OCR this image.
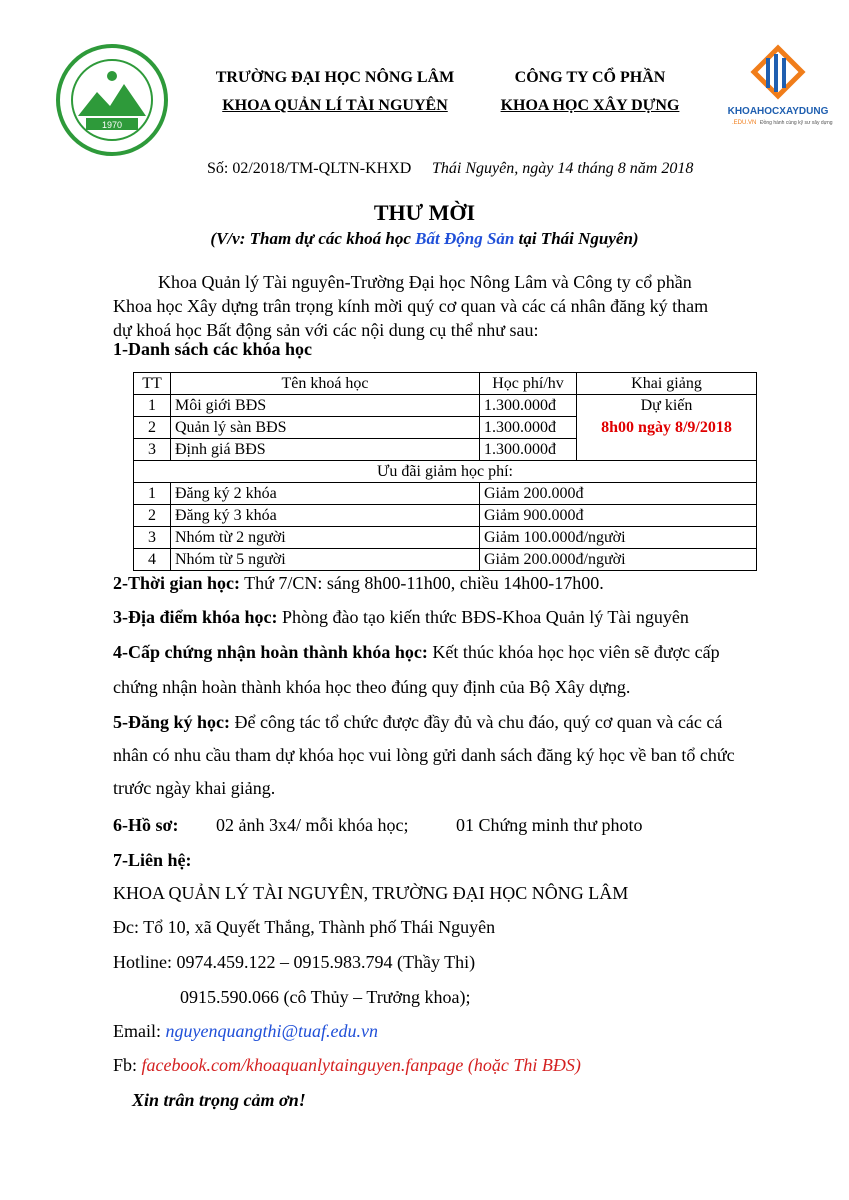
1970
TRƯỜNG ĐẠI HỌC NÔNG LÂM
KHOA QUẢN LÍ TÀI NGUYÊN
CÔNG TY CỔ PHẦN
KHOA HỌC XÂY DỰNG	KHOAHOCXAYDUNG
.EDU.VN Đồng hành cùng kỹ sư xây dựng
Số: 02/2018/TM-QLTN-KHXD Thái Nguyên, ngày 14 tháng 8 năm 2018
THƯ MỜI
(V/v: Tham dự các khoá học Bất Động Sản tại Thái Nguyên)
Khoa Quản lý Tài nguyên-Trường Đại học Nông Lâm và Công ty cổ phần
Khoa học Xây dựng trân trọng kính mời quý cơ quan và các cá nhân đăng ký tham
dự khoá học Bất động sản với các nội dung cụ thể như sau:
1-Danh sách các khóa học
TT	Tên khoá học	Học phí/hv	Khai giảng
1	Môi giới BĐS	1.300.000đ	Dự kiến
8h00 ngày 8/9/2018

2	Quản lý sàn BĐS	1.300.000đ	
3	Định giá BĐS	1.300.000đ	
Ưu đãi giảm học phí:			
1	Đăng ký 2 khóa	Giảm 200.000đ	
2	Đăng ký 3 khóa	Giảm 900.000đ	
3	Nhóm từ 2 người	Giảm 100.000đ/người	
4	Nhóm từ 5 người	Giảm 200.000đ/người	
2-Thời gian học: Thứ 7/CN: sáng 8h00-11h00, chiều 14h00-17h00.
3-Địa điểm khóa học: Phòng đào tạo kiến thức BĐS-Khoa Quản lý Tài nguyên
4-Cấp chứng nhận hoàn thành khóa học: Kết thúc khóa học học viên sẽ được cấp
chứng nhận hoàn thành khóa học theo đúng quy định của Bộ Xây dựng.
5-Đăng ký học: Để công tác tổ chức được đầy đủ và chu đáo, quý cơ quan và các cá
nhân có nhu cầu tham dự khóa học vui lòng gửi danh sách đăng ký học về ban tổ chức
trước ngày khai giảng.
6-Hồ sơ: 02 ảnh 3x4/ mỗi khóa học;	01 Chứng minh thư photo
7-Liên hệ:
KHOA QUẢN LÝ TÀI NGUYÊN, TRƯỜNG ĐẠI HỌC NÔNG LÂM
Đc: Tổ 10, xã Quyết Thắng, Thành phố Thái Nguyên
Hotline: 0974.459.122 – 0915.983.794 (Thầy Thi)
0915.590.066 (cô Thủy – Trưởng khoa);
Email: nguyenquangthi@tuaf.edu.vn
Fb: facebook.com/khoaquanlytainguyen.fanpage (hoặc Thi BĐS)
Xin trân trọng cảm ơn!
